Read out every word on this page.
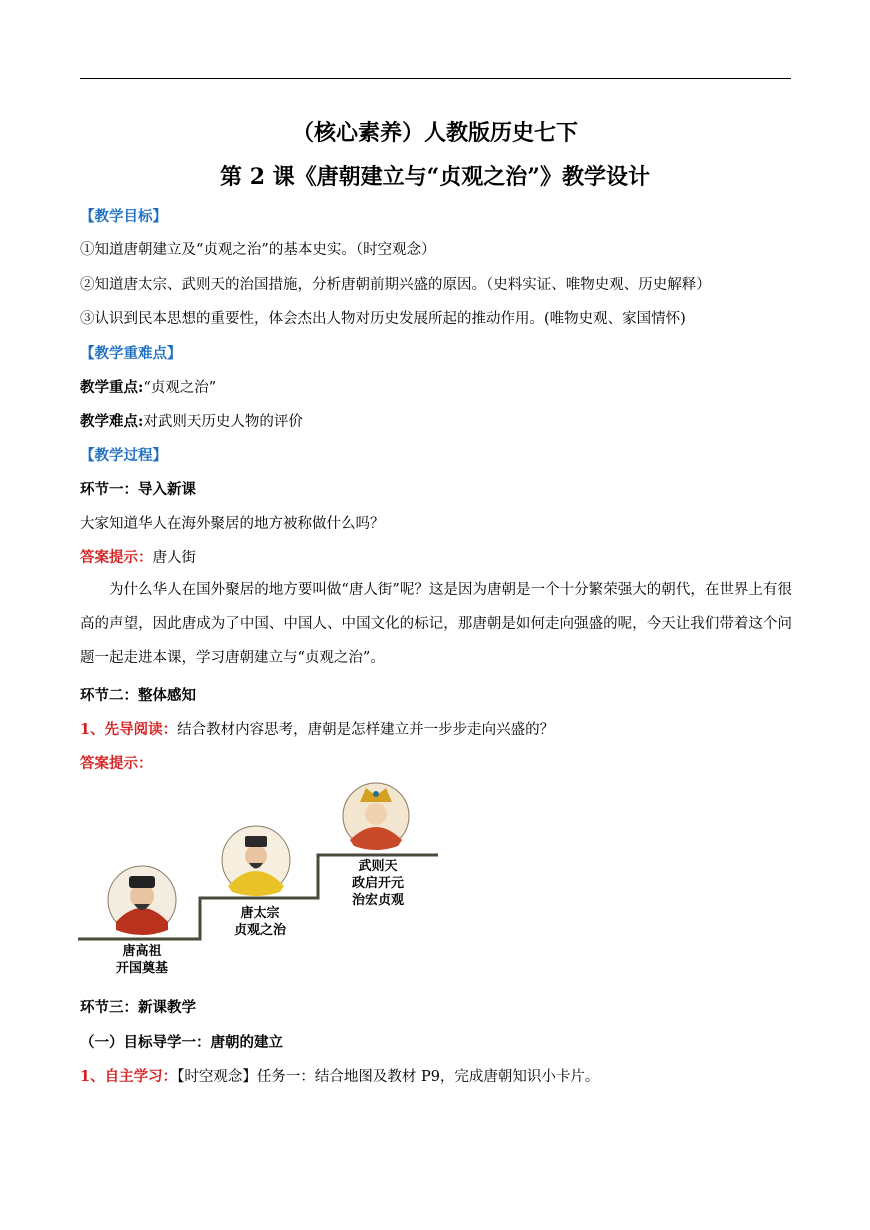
（核心素养）人教版历史七下
第 2 课《唐朝建立与“贞观之治”》教学设计
【教学目标】
①知道唐朝建立及“贞观之治”的基本史实。（时空观念）
②知道唐太宗、武则天的治国措施，分析唐朝前期兴盛的原因。（史料实证、唯物史观、历史解释）
③认识到民本思想的重要性，体会杰出人物对历史发展所起的推动作用。(唯物史观、家国情怀)
【教学重难点】
教学重点:“贞观之治”
教学难点:对武则天历史人物的评价
【教学过程】
环节一：导入新课
大家知道华人在海外聚居的地方被称做什么吗？
答案提示：唐人街
为什么华人在国外聚居的地方要叫做“唐人街”呢？这是因为唐朝是一个十分繁荣强大的朝代，在世界上有很高的声望，因此唐成为了中国、中国人、中国文化的标记，那唐朝是如何走向强盛的呢，今天让我们带着这个问题一起走进本课，学习唐朝建立与“贞观之治”。
环节二：整体感知
1、先导阅读：结合教材内容思考，唐朝是怎样建立并一步步走向兴盛的？
答案提示：
唐高祖
开国奠基
唐太宗
贞观之治
武则天
政启开元
治宏贞观
环节三：新课教学
（一）目标导学一：唐朝的建立
1、自主学习：【时空观念】任务一：结合地图及教材 P9，完成唐朝知识小卡片。
